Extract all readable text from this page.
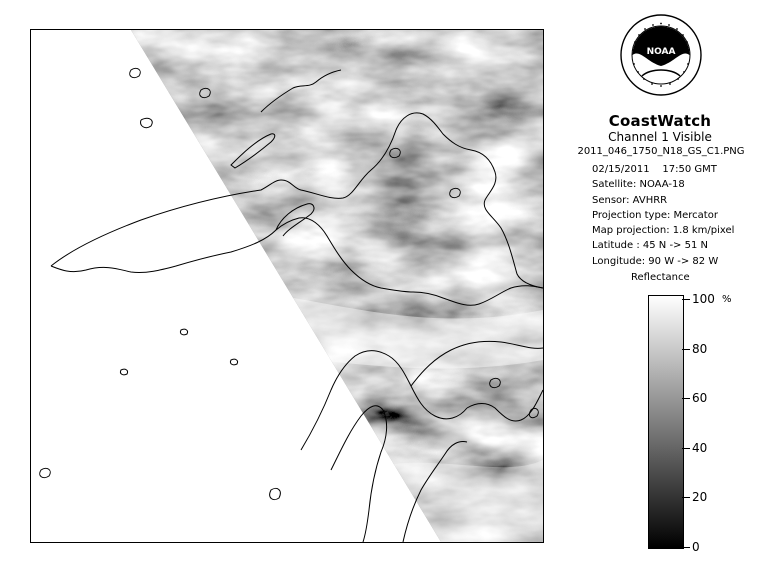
NOAA
CoastWatch
Channel 1 Visible
2011_046_1750_N18_GS_C1.PNG
02/15/2011 17:50 GMT
Satellite: NOAA-18
Sensor: AVHRR
Projection type: Mercator
Map projection: 1.8 km/pixel
Latitude : 45 N -> 51 N
Longitude: 90 W -> 82 W
Reflectance
100
80
60
40
20
0
%
